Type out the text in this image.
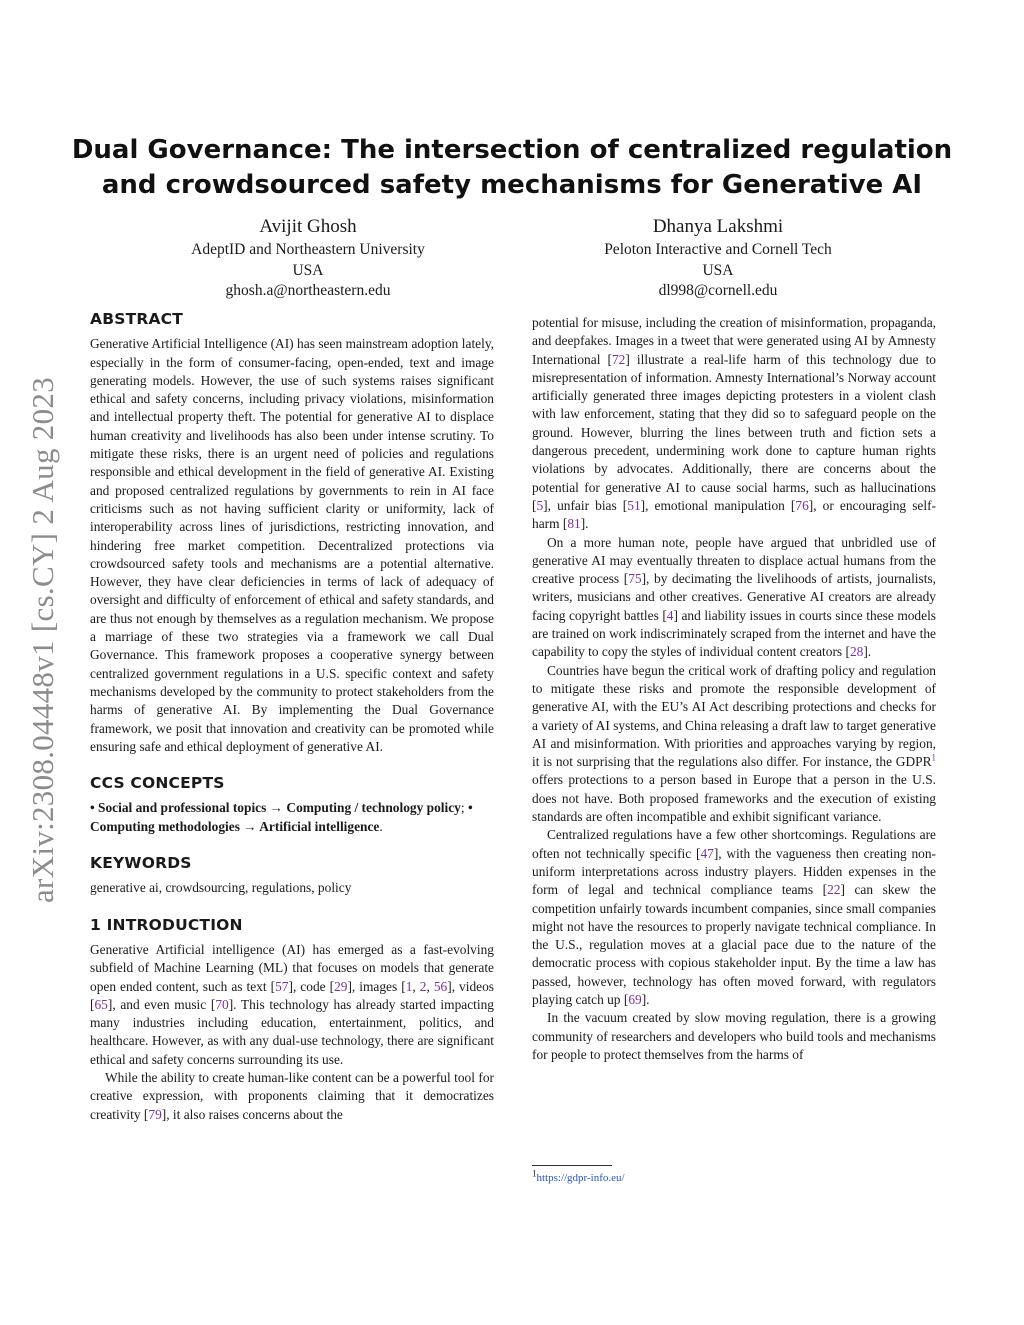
arXiv:2308.04448v1 [cs.CY] 2 Aug 2023
Dual Governance: The intersection of centralized regulation and crowdsourced safety mechanisms for Generative AI
Avijit Ghosh
AdeptID and Northeastern University
USA
ghosh.a@northeastern.edu
Dhanya Lakshmi
Peloton Interactive and Cornell Tech
USA
dl998@cornell.edu
ABSTRACT

Generative Artificial Intelligence (AI) has seen mainstream adoption lately, especially in the form of consumer-facing, open-ended, text and image generating models. However, the use of such systems raises significant ethical and safety concerns, including privacy violations, misinformation and intellectual property theft. The potential for generative AI to displace human creativity and livelihoods has also been under intense scrutiny. To mitigate these risks, there is an urgent need of policies and regulations responsible and ethical development in the field of generative AI. Existing and proposed centralized regulations by governments to rein in AI face criticisms such as not having sufficient clarity or uniformity, lack of interoperability across lines of jurisdictions, restricting innovation, and hindering free market competition. Decentralized protections via crowdsourced safety tools and mechanisms are a potential alternative. However, they have clear deficiencies in terms of lack of adequacy of oversight and difficulty of enforcement of ethical and safety standards, and are thus not enough by themselves as a regulation mechanism. We propose a marriage of these two strategies via a framework we call Dual Governance. This framework proposes a cooperative synergy between centralized government regulations in a U.S. specific context and safety mechanisms developed by the community to protect stakeholders from the harms of generative AI. By implementing the Dual Governance framework, we posit that innovation and creativity can be promoted while ensuring safe and ethical deployment of generative AI.

CCS CONCEPTS

• Social and professional topics → Computing / technology policy; • Computing methodologies → Artificial intelligence.

KEYWORDS

generative ai, crowdsourcing, regulations, policy

1 INTRODUCTION

Generative Artificial intelligence (AI) has emerged as a fast-evolving subfield of Machine Learning (ML) that focuses on models that generate open ended content, such as text [57], code [29], images [1, 2, 56], videos [65], and even music [70]. This technology has already started impacting many industries including education, entertainment, politics, and healthcare. However, as with any dual-use technology, there are significant ethical and safety concerns surrounding its use.

While the ability to create human-like content can be a powerful tool for creative expression, with proponents claiming that it democratizes creativity [79], it also raises concerns about the

potential for misuse, including the creation of misinformation, propaganda, and deepfakes. Images in a tweet that were generated using AI by Amnesty International [72] illustrate a real-life harm of this technology due to misrepresentation of information. Amnesty International’s Norway account artificially generated three images depicting protesters in a violent clash with law enforcement, stating that they did so to safeguard people on the ground. However, blurring the lines between truth and fiction sets a dangerous precedent, undermining work done to capture human rights violations by advocates. Additionally, there are concerns about the potential for generative AI to cause social harms, such as hallucinations [5], unfair bias [51], emotional manipulation [76], or encouraging self-harm [81].

On a more human note, people have argued that unbridled use of generative AI may eventually threaten to displace actual humans from the creative process [75], by decimating the livelihoods of artists, journalists, writers, musicians and other creatives. Generative AI creators are already facing copyright battles [4] and liability issues in courts since these models are trained on work indiscriminately scraped from the internet and have the capability to copy the styles of individual content creators [28].

Countries have begun the critical work of drafting policy and regulation to mitigate these risks and promote the responsible development of generative AI, with the EU’s AI Act describing protections and checks for a variety of AI systems, and China releasing a draft law to target generative AI and misinformation. With priorities and approaches varying by region, it is not surprising that the regulations also differ. For instance, the GDPR$^1$ offers protections to a person based in Europe that a person in the U.S. does not have. Both proposed frameworks and the execution of existing standards are often incompatible and exhibit significant variance.

Centralized regulations have a few other shortcomings. Regulations are often not technically specific [47], with the vagueness then creating non-uniform interpretations across industry players. Hidden expenses in the form of legal and technical compliance teams [22] can skew the competition unfairly towards incumbent companies, since small companies might not have the resources to properly navigate technical compliance. In the U.S., regulation moves at a glacial pace due to the nature of the democratic process with copious stakeholder input. By the time a law has passed, however, technology has often moved forward, with regulators playing catch up [69].

In the vacuum created by slow moving regulation, there is a growing community of researchers and developers who build tools and mechanisms for people to protect themselves from the harms of

$^1$https://gdpr-info.eu/
